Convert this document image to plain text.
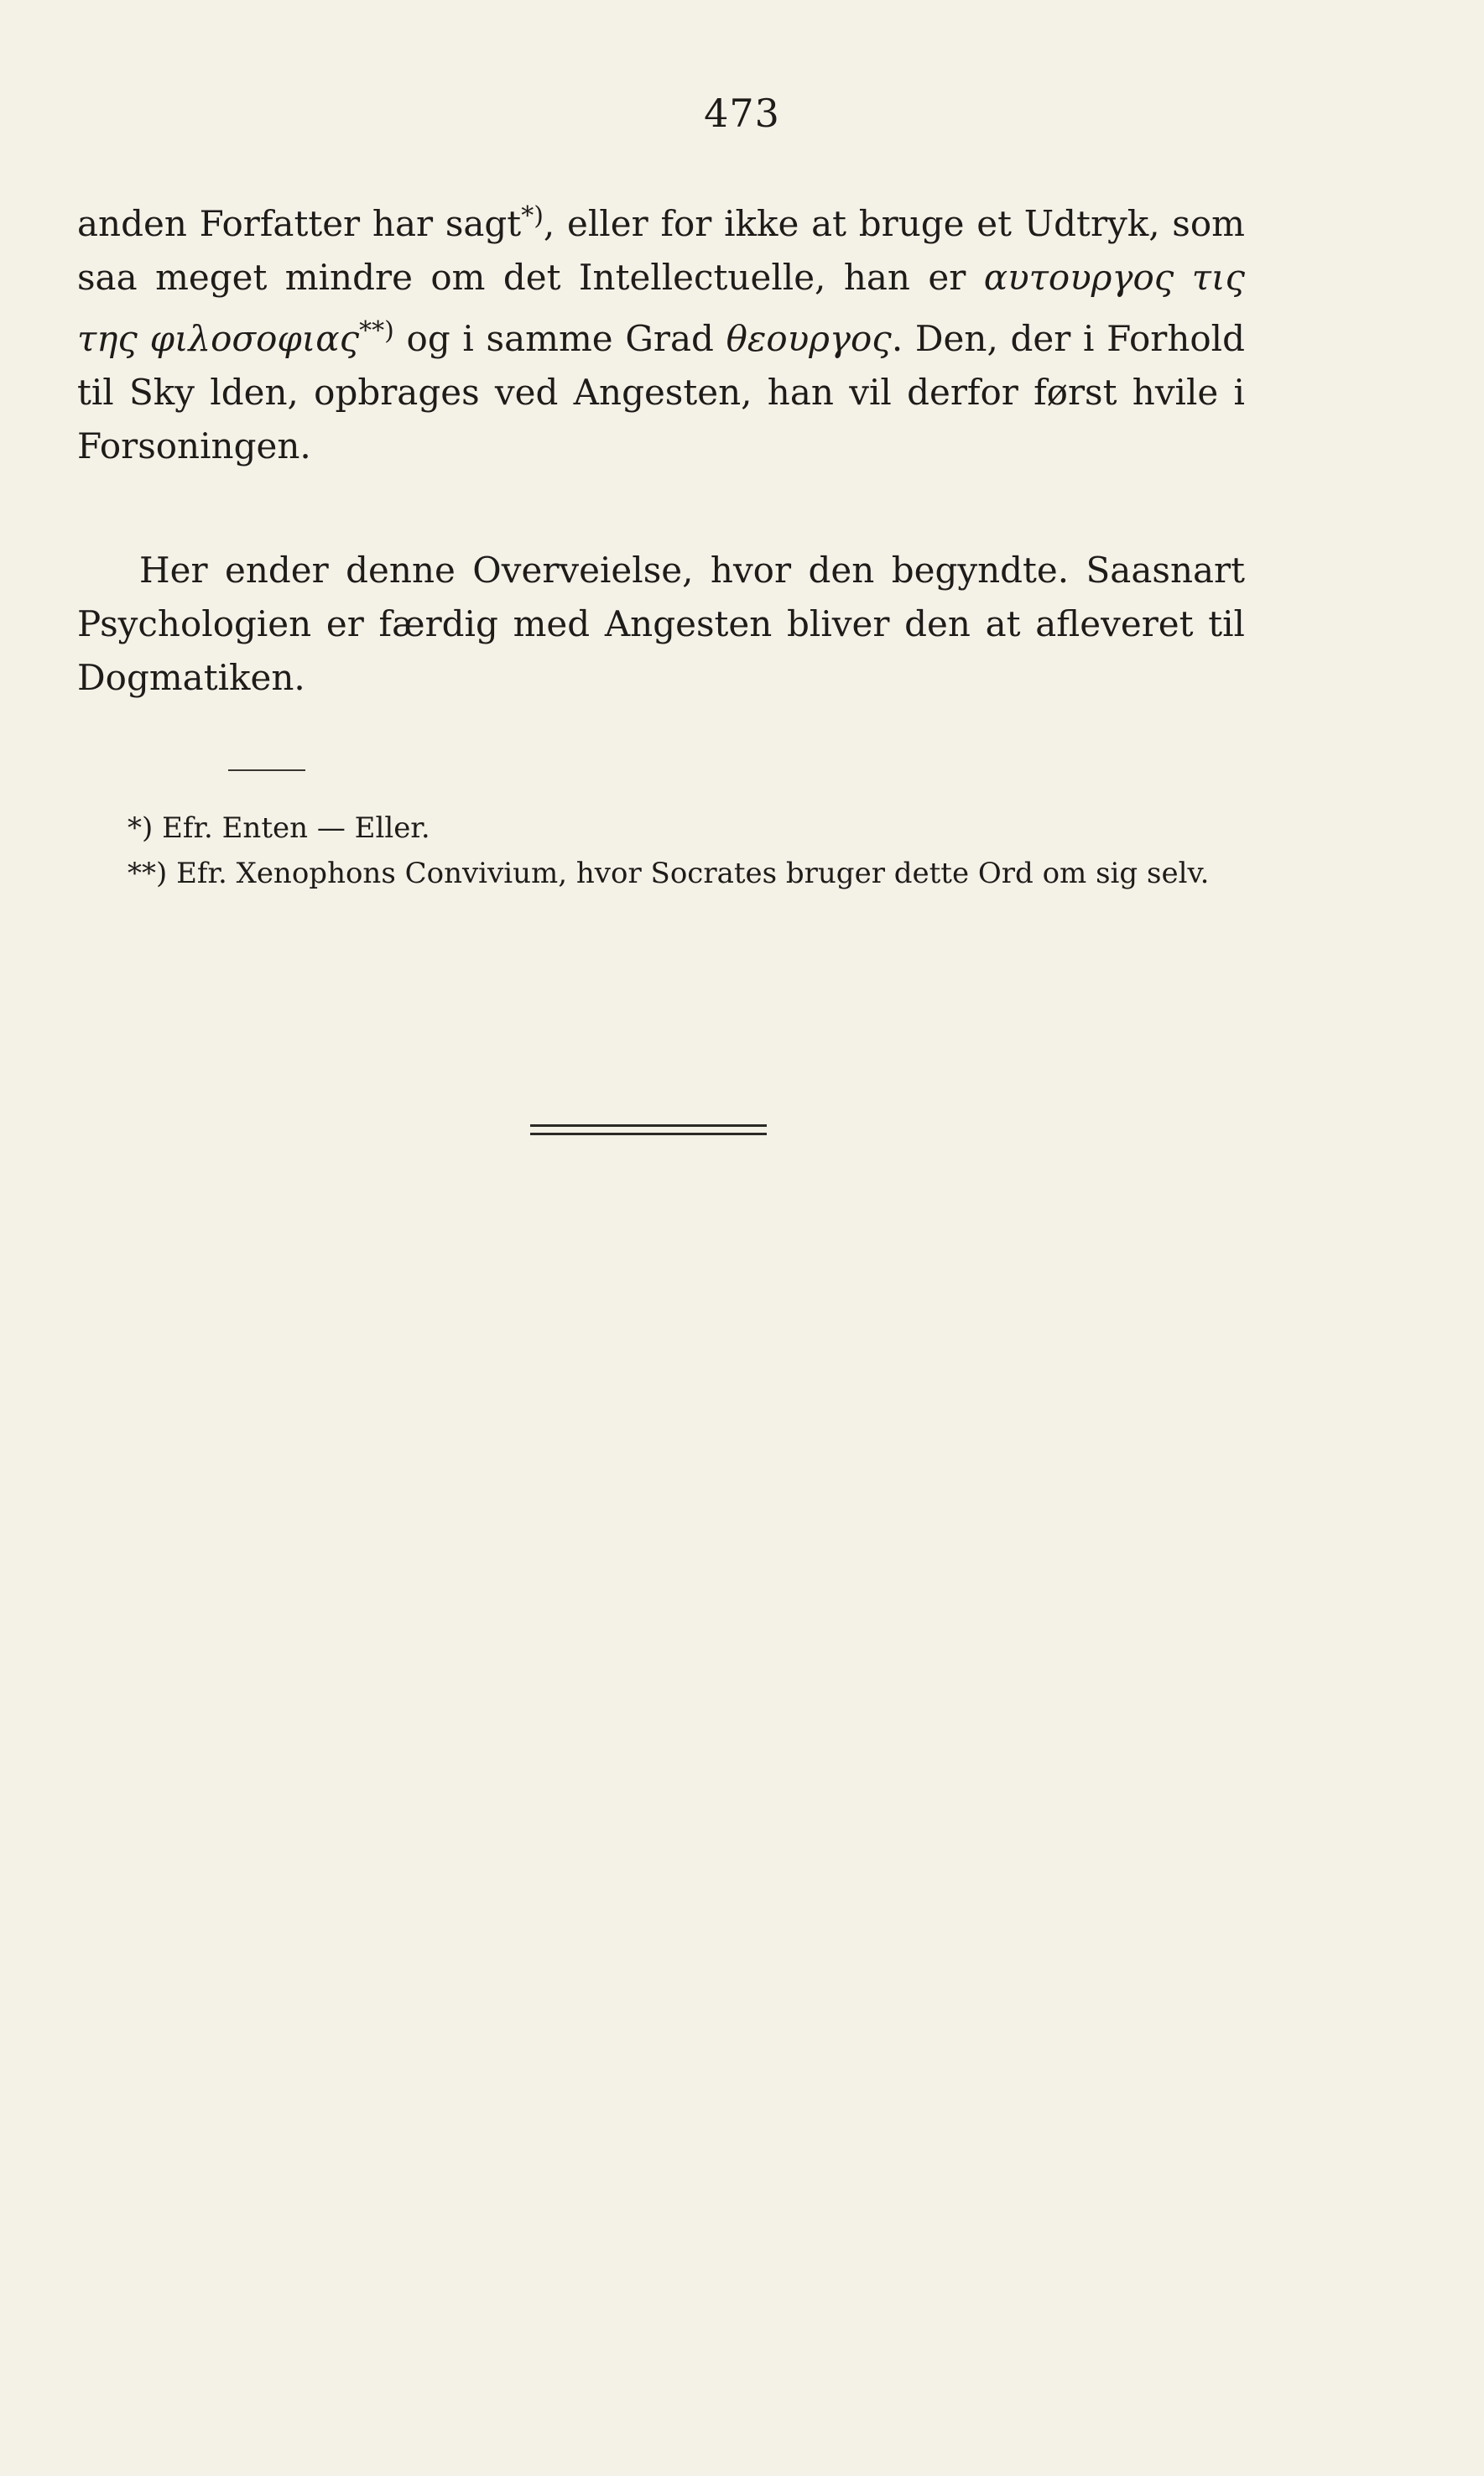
473

anden Forfatter har sagt*), eller for ikke at bruge et Udtryk, som saa meget mindre om det Intellectuelle, han er αυτουργος τις της φιλοσοφιας**) og i samme Grad θεουργος. Den, der i Forhold til Sky lden, opbrages ved Angesten, han vil derfor først hvile i Forsoningen.

Her ender denne Overveielse, hvor den begyndte. Saasnart Psychologien er færdig med Angesten bliver den at afleveret til Dogmatiken.

*) Efr. Enten — Eller.

**) Efr. Xenophons Convivium, hvor Socrates bruger dette Ord om sig selv.
